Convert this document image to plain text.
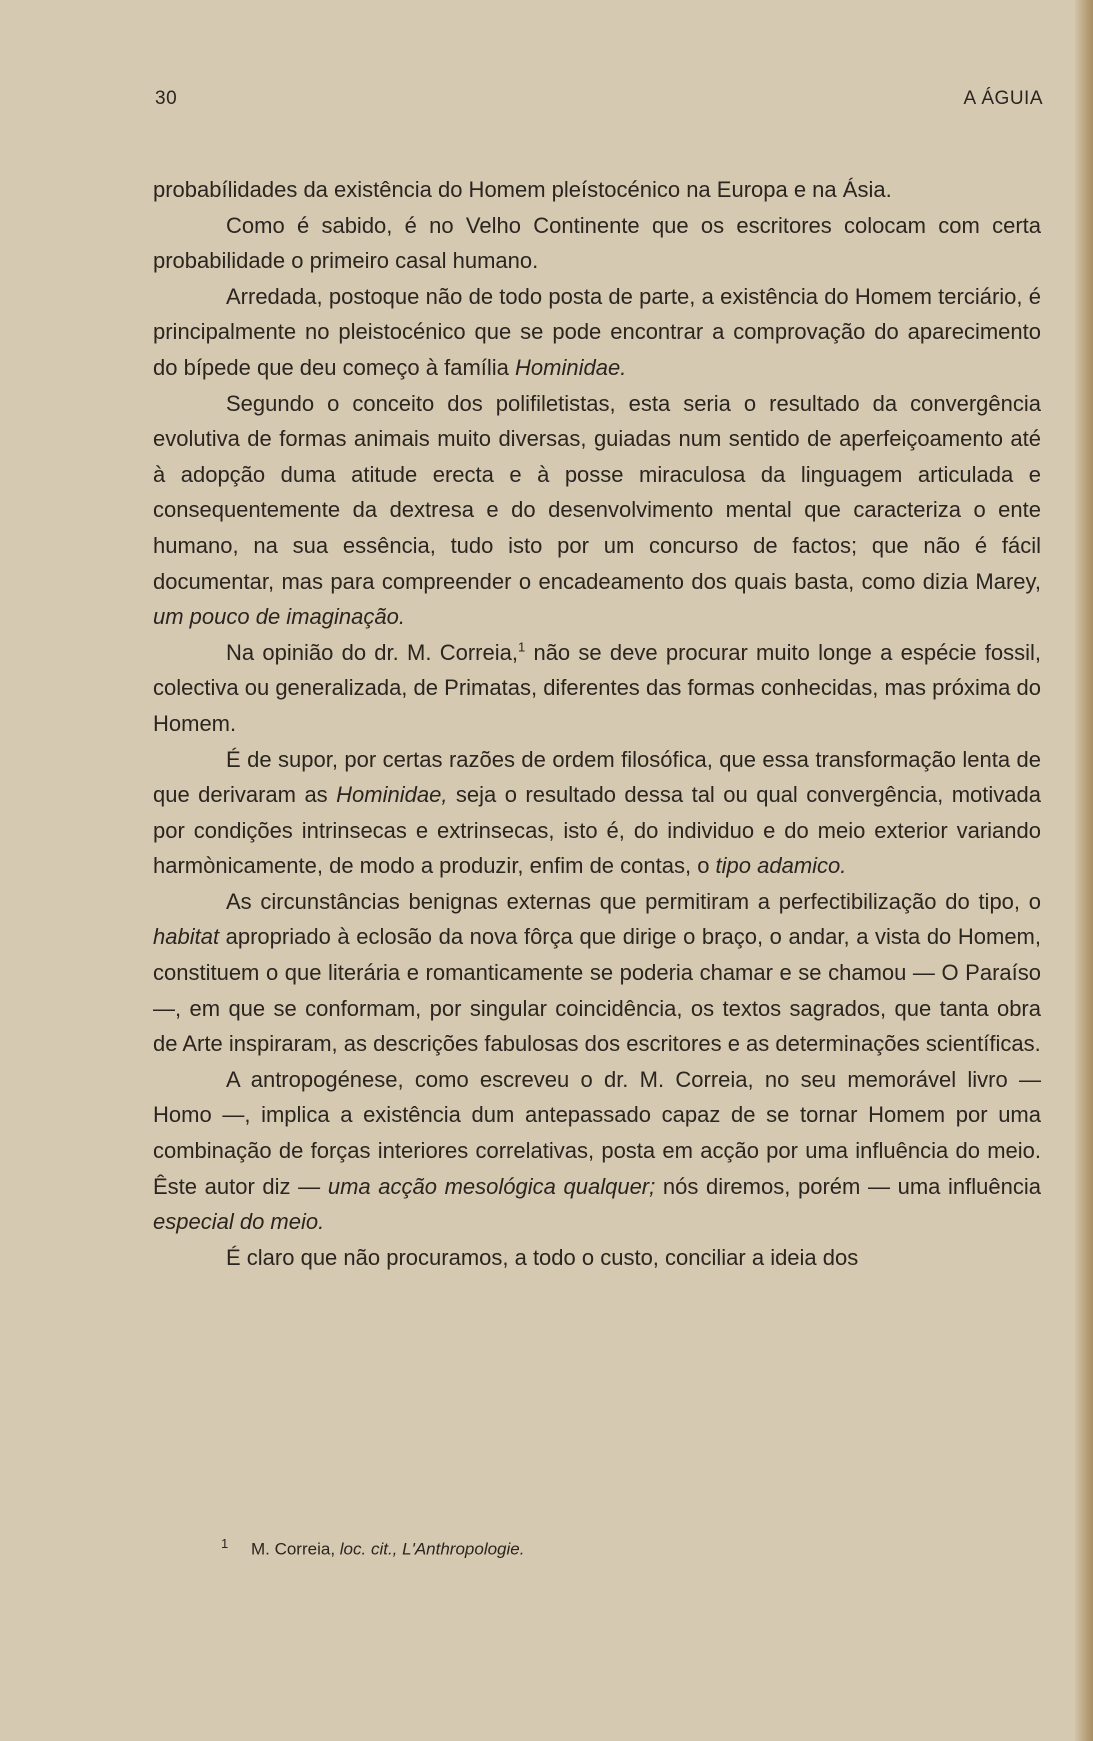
30	A ÁGUIA

probabílidades da existência do Homem pleístocénico na Europa e na Ásia.

Como é sabido, é no Velho Continente que os escritores colocam com certa probabilidade o primeiro casal humano.

Arredada, postoque não de todo posta de parte, a existência do Homem terciário, é principalmente no pleistocénico que se pode encontrar a comprovação do aparecimento do bípede que deu começo à família Hominidae.

Segundo o conceito dos polifiletistas, esta seria o resultado da convergência evolutiva de formas animais muito diversas, guiadas num sentido de aperfeiçoamento até à adopção duma atitude erecta e à posse miraculosa da linguagem articulada e consequentemente da dextresa e do desenvolvimento mental que caracteriza o ente humano, na sua essência, tudo isto por um concurso de factos; que não é fácil documentar, mas para compreender o encadeamento dos quais basta, como dizia Marey, um pouco de imaginação.

Na opinião do dr. M. Correia,$^1$ não se deve procurar muito longe a espécie fossil, colectiva ou generalizada, de Primatas, diferentes das formas conhecidas, mas próxima do Homem.

É de supor, por certas razões de ordem filosófica, que essa transformação lenta de que derivaram as Hominidae, seja o resultado dessa tal ou qual convergência, motivada por condições intrinsecas e extrinsecas, isto é, do individuo e do meio exterior variando harmònicamente, de modo a produzir, enfim de contas, o tipo adamico.

As circunstâncias benignas externas que permitiram a perfectibilização do tipo, o habitat apropriado à eclosão da nova fôrça que dirige o braço, o andar, a vista do Homem, constituem o que literária e romanticamente se poderia chamar e se chamou — O Paraíso —, em que se conformam, por singular coincidência, os textos sagrados, que tanta obra de Arte inspiraram, as descrições fabulosas dos escritores e as determinações scientíficas.

A antropogénese, como escreveu o dr. M. Correia, no seu memorável livro — Homo —, implica a existência dum antepassado capaz de se tornar Homem por uma combinação de forças interiores correlativas, posta em acção por uma influência do meio. Êste autor diz — uma acção mesológica qualquer; nós diremos, porém — uma influência especial do meio.

É claro que não procuramos, a todo o custo, conciliar a ideia dos

$^1$ M. Correia, loc. cit., L'Anthropologie.
